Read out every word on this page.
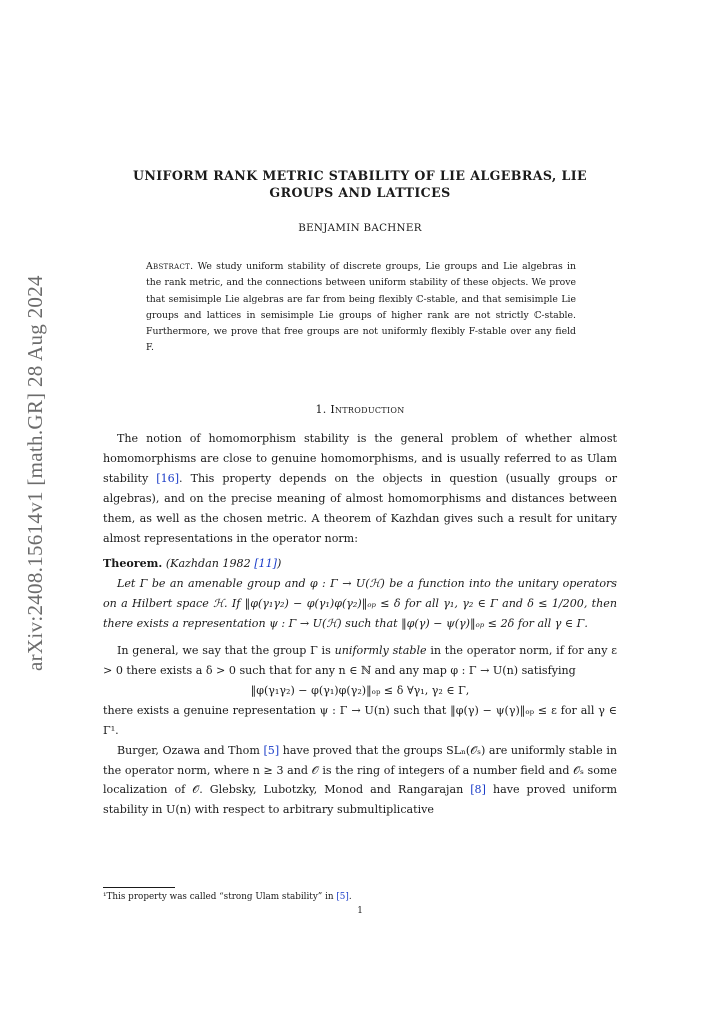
arXiv:2408.15614v1 [math.GR] 28 Aug 2024
UNIFORM RANK METRIC STABILITY OF LIE ALGEBRAS, LIE GROUPS AND LATTICES
BENJAMIN BACHNER
Abstract. We study uniform stability of discrete groups, Lie groups and Lie algebras in the rank metric, and the connections between uniform stability of these objects. We prove that semisimple Lie algebras are far from being flexibly ℂ-stable, and that semisimple Lie groups and lattices in semisimple Lie groups of higher rank are not strictly ℂ-stable. Furthermore, we prove that free groups are not uniformly flexibly F-stable over any field F.
1. Introduction

The notion of homomorphism stability is the general problem of whether almost homomorphisms are close to genuine homomorphisms, and is usually referred to as Ulam stability [16]. This property depends on the objects in question (usually groups or algebras), and on the precise meaning of almost homomorphisms and distances between them, as well as the chosen metric. A theorem of Kazhdan gives such a result for unitary almost representations in the operator norm:

Theorem. (Kazhdan 1982 [11])

Let Γ be an amenable group and φ : Γ → U(ℋ) be a function into the unitary operators on a Hilbert space ℋ. If ‖φ(γ₁γ₂) − φ(γ₁)φ(γ₂)‖ₒₚ ≤ δ for all γ₁, γ₂ ∈ Γ and δ ≤ 1/200, then there exists a representation ψ : Γ → U(ℋ) such that ‖φ(γ) − ψ(γ)‖ₒₚ ≤ 2δ for all γ ∈ Γ.

In general, we say that the group Γ is uniformly stable in the operator norm, if for any ε > 0 there exists a δ > 0 such that for any n ∈ ℕ and any map φ : Γ → U(n) satisfying

‖φ(γ₁γ₂) − φ(γ₁)φ(γ₂)‖ₒₚ ≤ δ ∀γ₁, γ₂ ∈ Γ,

there exists a genuine representation ψ : Γ → U(n) such that ‖φ(γ) − ψ(γ)‖ₒₚ ≤ ε for all γ ∈ Γ¹.

Burger, Ozawa and Thom [5] have proved that the groups SLₙ(𝒪ₛ) are uniformly stable in the operator norm, where n ≥ 3 and 𝒪 is the ring of integers of a number field and 𝒪ₛ some localization of 𝒪. Glebsky, Lubotzky, Monod and Rangarajan [8] have proved uniform stability in U(n) with respect to arbitrary submultiplicative

¹This property was called “strong Ulam stability” in [5].
1
